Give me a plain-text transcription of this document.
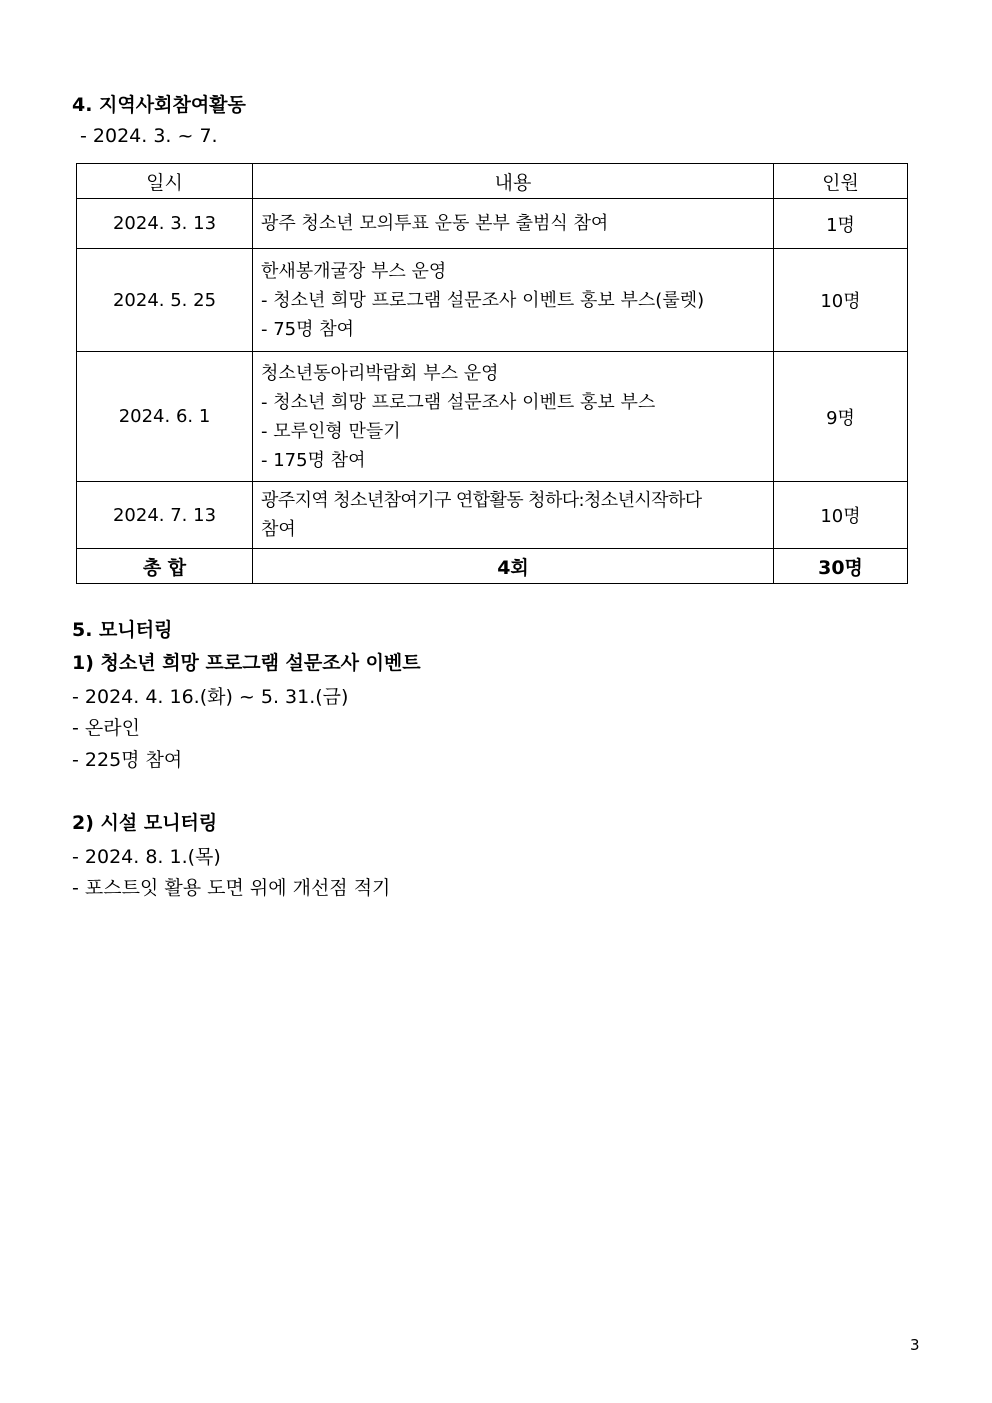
4. 지역사회참여활동
- 2024. 3. ~ 7.
일시	내용	인원
2024. 3. 13	광주 청소년 모의투표 운동 본부 출범식 참여	1명
2024. 5. 25	한새봉개굴장 부스 운영
- 청소년 희망 프로그램 설문조사 이벤트 홍보 부스(룰렛)
- 75명 참여	10명
2024. 6. 1	청소년동아리박람회 부스 운영
- 청소년 희망 프로그램 설문조사 이벤트 홍보 부스
- 모루인형 만들기
- 175명 참여	9명
2024. 7. 13	광주지역 청소년참여기구 연합활동 청하다:청소년시작하다
참여	10명
총 합	4회	30명
5. 모니터링
1) 청소년 희망 프로그램 설문조사 이벤트
- 2024. 4. 16.(화) ~ 5. 31.(금)
- 온라인
- 225명 참여
2) 시설 모니터링
- 2024. 8. 1.(목)
- 포스트잇 활용 도면 위에 개선점 적기
3
